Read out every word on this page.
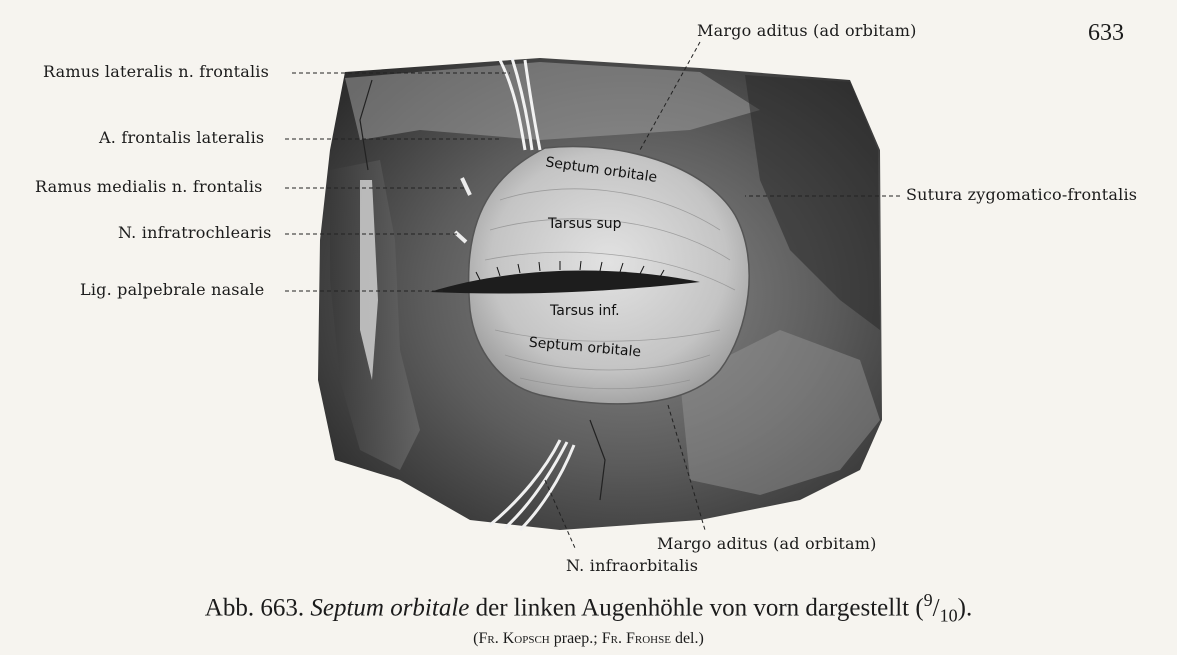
Septum orbitale
Tarsus sup
Tarsus inf.
Septum orbitale
633
Ramus lateralis n. frontalis
A. frontalis lateralis
Ramus medialis n. frontalis
N. infratrochlearis
Lig. palpebrale nasale
Margo aditus (ad orbitam)
Sutura zygomatico-frontalis
Margo aditus (ad orbitam)
N. infraorbitalis
Abb. 663. Septum orbitale der linken Augenhöhle von vorn dargestellt $(^9/_{10})$.
(Fr. Kopsch praep.; Fr. Frohse del.)
